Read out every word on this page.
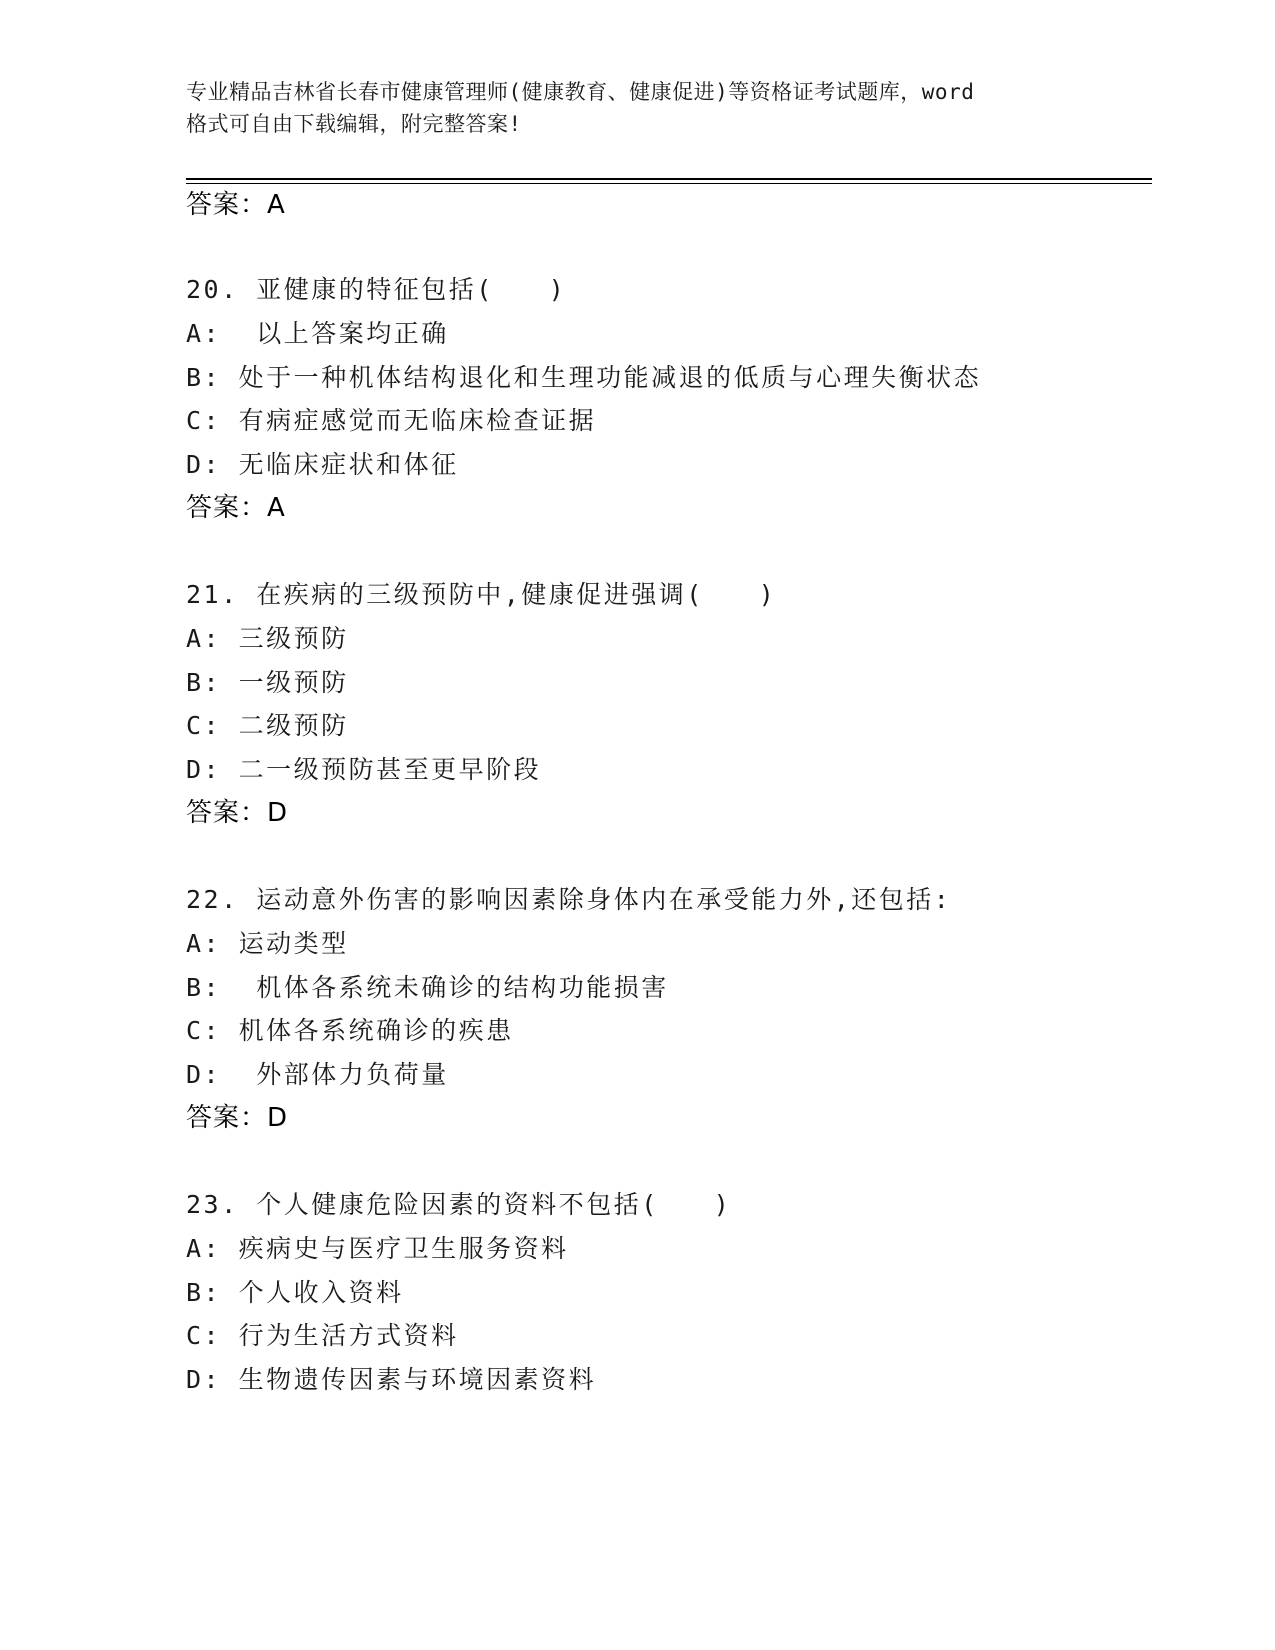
专业精品吉林省长春市健康管理师(健康教育、健康促进)等资格证考试题库，word
格式可自由下载编辑，附完整答案!
答案：A
20. 亚健康的特征包括(　　)
A:  以上答案均正确
B: 处于一种机体结构退化和生理功能减退的低质与心理失衡状态
C: 有病症感觉而无临床检查证据
D: 无临床症状和体征
答案：A
21. 在疾病的三级预防中,健康促进强调(　　)
A: 三级预防
B: 一级预防
C: 二级预防
D: 二一级预防甚至更早阶段
答案：D
22. 运动意外伤害的影响因素除身体内在承受能力外,还包括:
A: 运动类型
B:  机体各系统未确诊的结构功能损害
C: 机体各系统确诊的疾患
D:  外部体力负荷量
答案：D
23. 个人健康危险因素的资料不包括(　　)
A: 疾病史与医疗卫生服务资料
B: 个人收入资料
C: 行为生活方式资料
D: 生物遗传因素与环境因素资料
